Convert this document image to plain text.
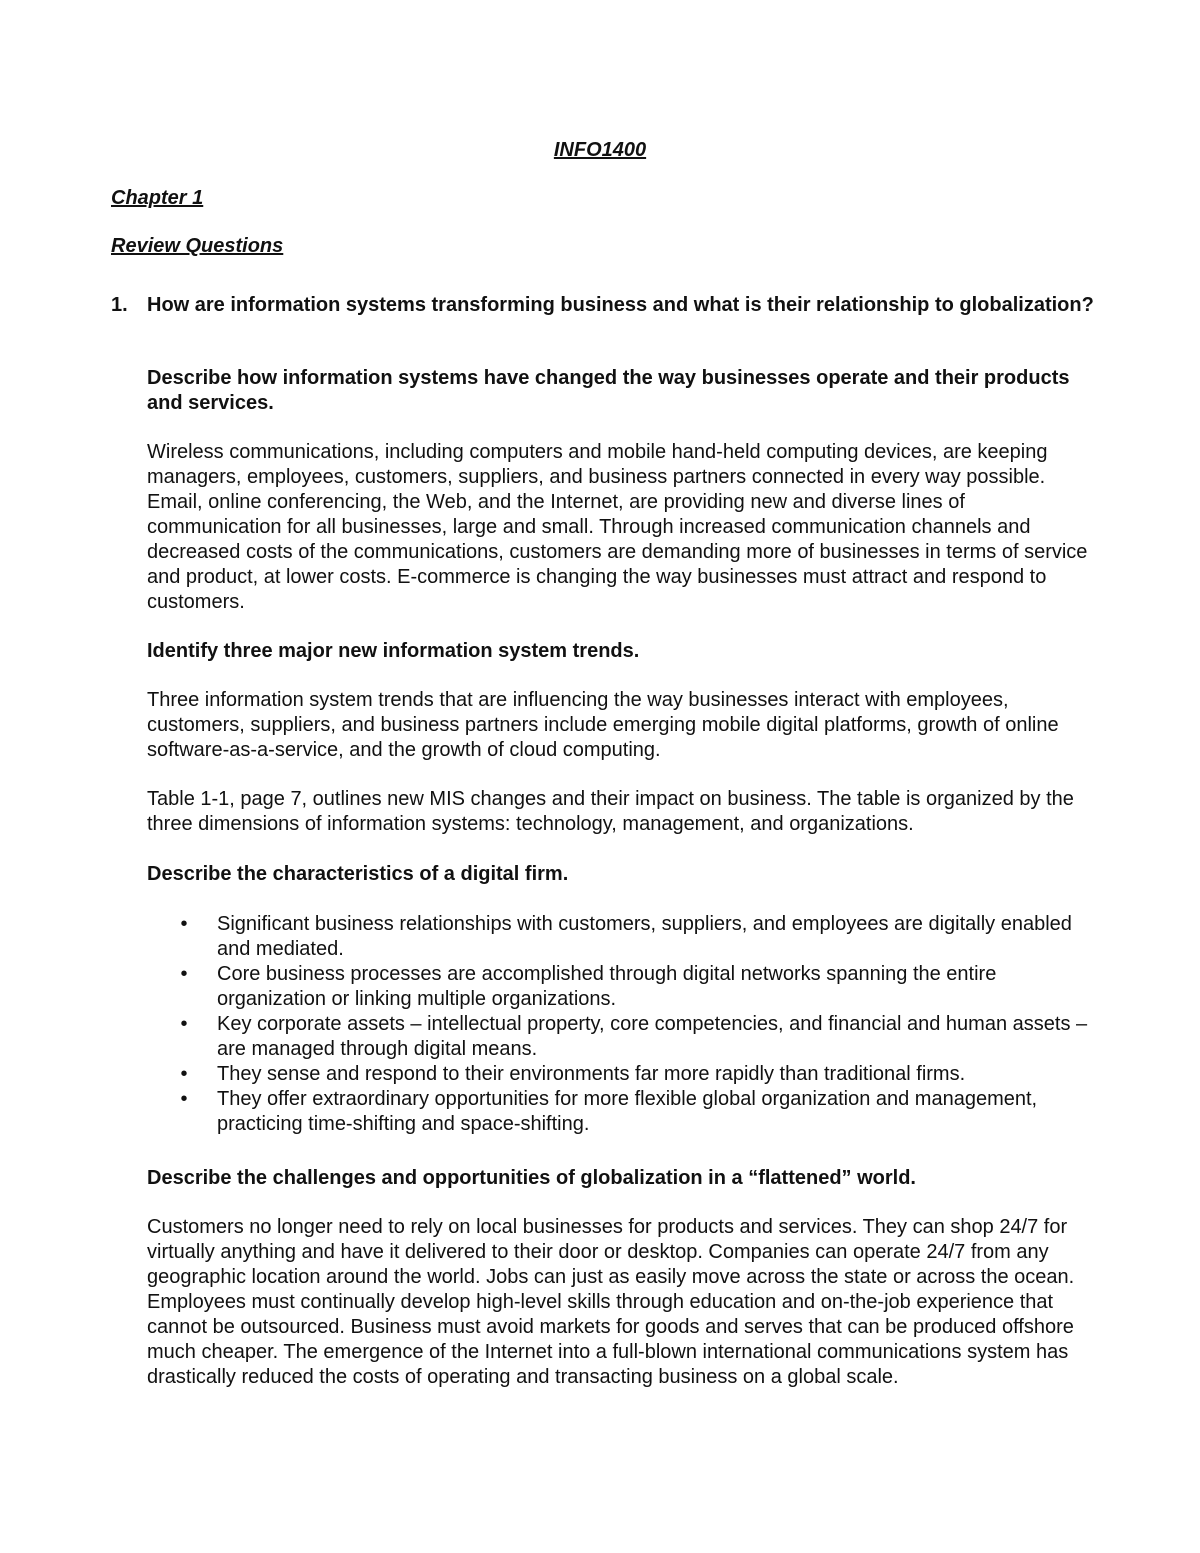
INFO1400

Chapter 1

Review Questions

1. How are information systems transforming business and what is their relationship to globalization?

Describe how information systems have changed the way businesses operate and their products and services.

Wireless communications, including computers and mobile hand-held computing devices, are keeping managers, employees, customers, suppliers, and business partners connected in every way possible. Email, online conferencing, the Web, and the Internet, are providing new and diverse lines of communication for all businesses, large and small. Through increased communication channels and decreased costs of the communications, customers are demanding more of businesses in terms of service and product, at lower costs. E-commerce is changing the way businesses must attract and respond to customers.

Identify three major new information system trends.

Three information system trends that are influencing the way businesses interact with employees, customers, suppliers, and business partners include emerging mobile digital platforms, growth of online software-as-a-service, and the growth of cloud computing.

Table 1-1, page 7, outlines new MIS changes and their impact on business. The table is organized by the three dimensions of information systems: technology, management, and organizations.

Describe the characteristics of a digital firm.

• Significant business relationships with customers, suppliers, and employees are digitally enabled and mediated.
• Core business processes are accomplished through digital networks spanning the entire organization or linking multiple organizations.
• Key corporate assets – intellectual property, core competencies, and financial and human assets – are managed through digital means.
• They sense and respond to their environments far more rapidly than traditional firms.
• They offer extraordinary opportunities for more flexible global organization and management, practicing time-shifting and space-shifting.

Describe the challenges and opportunities of globalization in a “flattened” world.

Customers no longer need to rely on local businesses for products and services. They can shop 24/7 for virtually anything and have it delivered to their door or desktop. Companies can operate 24/7 from any geographic location around the world. Jobs can just as easily move across the state or across the ocean. Employees must continually develop high-level skills through education and on-the-job experience that cannot be outsourced. Business must avoid markets for goods and serves that can be produced offshore much cheaper. The emergence of the Internet into a full-blown international communications system has drastically reduced the costs of operating and transacting business on a global scale.
